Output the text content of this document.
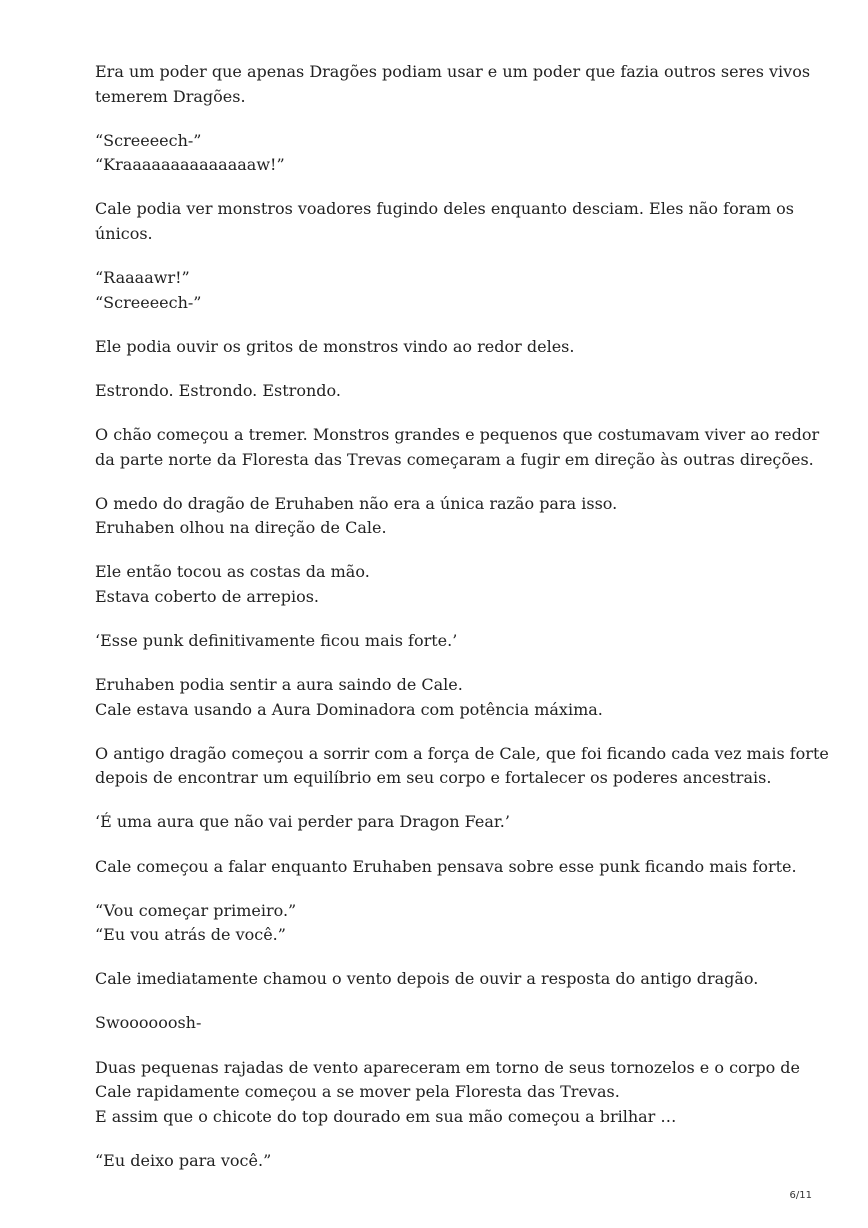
Era um poder que apenas Dragões podiam usar e um poder que fazia outros seres vivos
temerem Dragões.

“Screeeech-”
“Kraaaaaaaaaaaaaaw!”

Cale podia ver monstros voadores fugindo deles enquanto desciam. Eles não foram os
únicos.

“Raaaawr!”
“Screeeech-”

Ele podia ouvir os gritos de monstros vindo ao redor deles.

Estrondo. Estrondo. Estrondo.

O chão começou a tremer. Monstros grandes e pequenos que costumavam viver ao redor
da parte norte da Floresta das Trevas começaram a fugir em direção às outras direções.

O medo do dragão de Eruhaben não era a única razão para isso.
Eruhaben olhou na direção de Cale.

Ele então tocou as costas da mão.
Estava coberto de arrepios.

‘Esse punk definitivamente ficou mais forte.’

Eruhaben podia sentir a aura saindo de Cale.
Cale estava usando a Aura Dominadora com potência máxima.

O antigo dragão começou a sorrir com a força de Cale, que foi ficando cada vez mais forte
depois de encontrar um equilíbrio em seu corpo e fortalecer os poderes ancestrais.

‘É uma aura que não vai perder para Dragon Fear.’

Cale começou a falar enquanto Eruhaben pensava sobre esse punk ficando mais forte.

“Vou começar primeiro.”
“Eu vou atrás de você.”

Cale imediatamente chamou o vento depois de ouvir a resposta do antigo dragão.

Swoooooosh-

Duas pequenas rajadas de vento apareceram em torno de seus tornozelos e o corpo de
Cale rapidamente começou a se mover pela Floresta das Trevas.
E assim que o chicote do top dourado em sua mão começou a brilhar …

“Eu deixo para você.”

6/11
